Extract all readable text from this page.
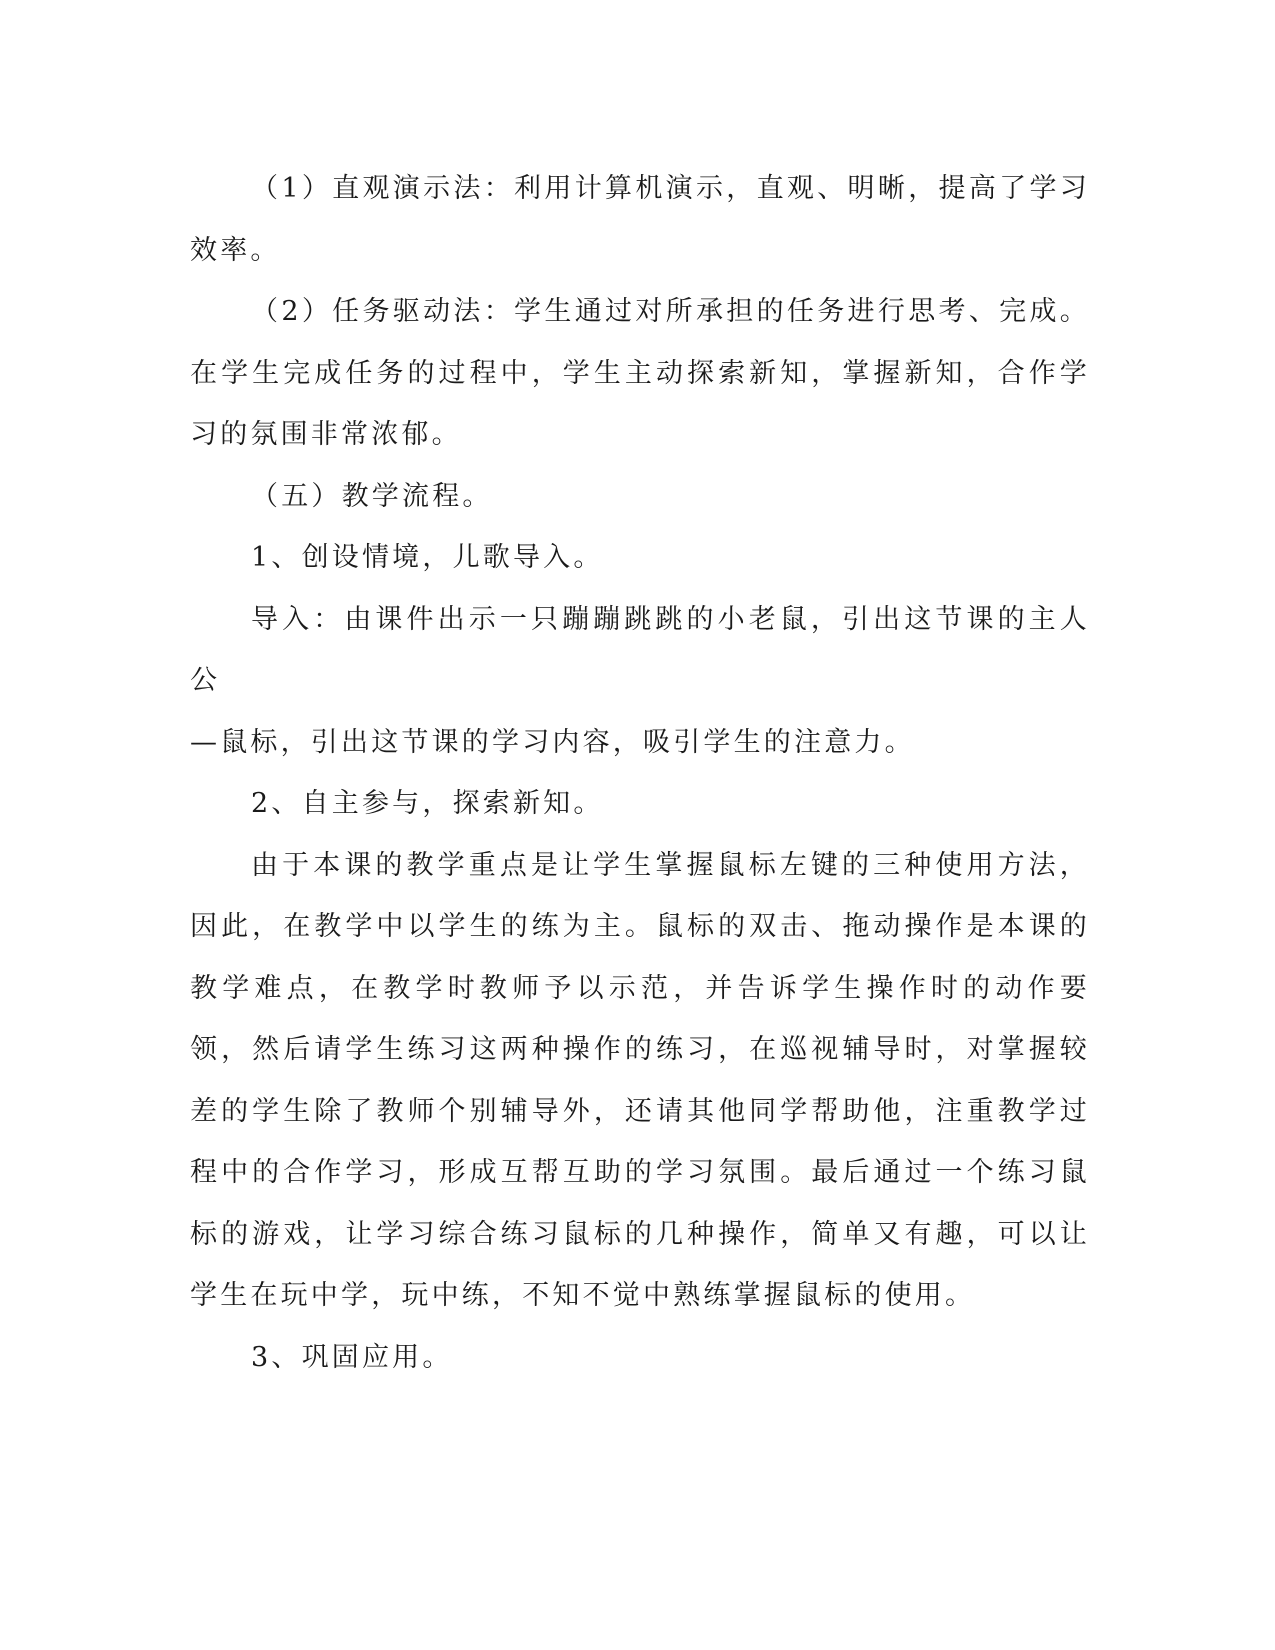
（1）直观演示法：利用计算机演示，直观、明晰，提高了学习效率。

（2）任务驱动法：学生通过对所承担的任务进行思考、完成。在学生完成任务的过程中，学生主动探索新知，掌握新知，合作学习的氛围非常浓郁。

（五）教学流程。

1、创设情境，儿歌导入。

导入：由课件出示一只蹦蹦跳跳的小老鼠，引出这节课的主人公

—鼠标，引出这节课的学习内容，吸引学生的注意力。

2、自主参与，探索新知。

由于本课的教学重点是让学生掌握鼠标左键的三种使用方法，因此，在教学中以学生的练为主。鼠标的双击、拖动操作是本课的教学难点，在教学时教师予以示范，并告诉学生操作时的动作要领，然后请学生练习这两种操作的练习，在巡视辅导时，对掌握较差的学生除了教师个别辅导外，还请其他同学帮助他，注重教学过程中的合作学习，形成互帮互助的学习氛围。最后通过一个练习鼠标的游戏，让学习综合练习鼠标的几种操作，简单又有趣，可以让学生在玩中学，玩中练，不知不觉中熟练掌握鼠标的使用。

3、巩固应用。
